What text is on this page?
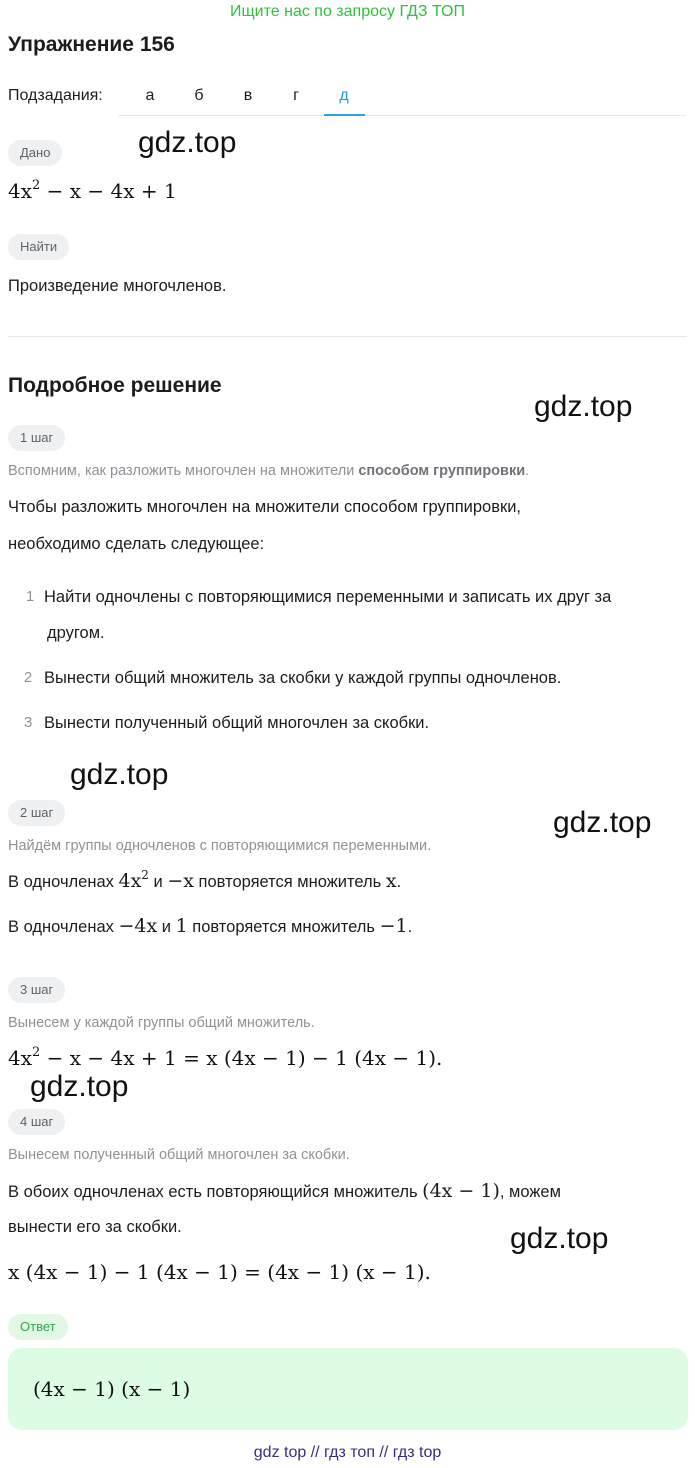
Ищите нас по запросу ГДЗ ТОП
Упражнение 156
Подзадания:	а	б	в	г	д
Дано	gdz.top
$4x^2 - x - 4x + 1$
Найти
Произведение многочленов.
Подробное решение
gdz.top
1 шаг
Вспомним, как разложить многочлен на множители способом группировки.
Чтобы разложить многочлен на множители способом группировки,
необходимо сделать следующее:
1 Найти одночлены с повторяющимися переменными и записать их друг за
другом.
2 Вынести общий множитель за скобки у каждой группы одночленов.
3 Вынести полученный общий многочлен за скобки.
gdz.top
2 шаг	gdz.top
Найдём группы одночленов с повторяющимися переменными.
В одночленах $4x^2$ и −x повторяется множитель x.
В одночленах −4x и 1 повторяется множитель −1.
3 шаг
Вынесем у каждой группы общий множитель.
$4x^2 - x - 4x + 1 = x$ (4x − 1) − 1 (4x − 1).
gdz.top
4 шаг
Вынесем полученный общий многочлен за скобки.
В обоих одночленах есть повторяющийся множитель (4x − 1), можем
вынести его за скобки.	gdz.top
x (4x − 1) − 1 (4x − 1) = (4x − 1) (x − 1).
Ответ
(4x − 1) (x − 1)
gdz top // гдз топ // гдз top
